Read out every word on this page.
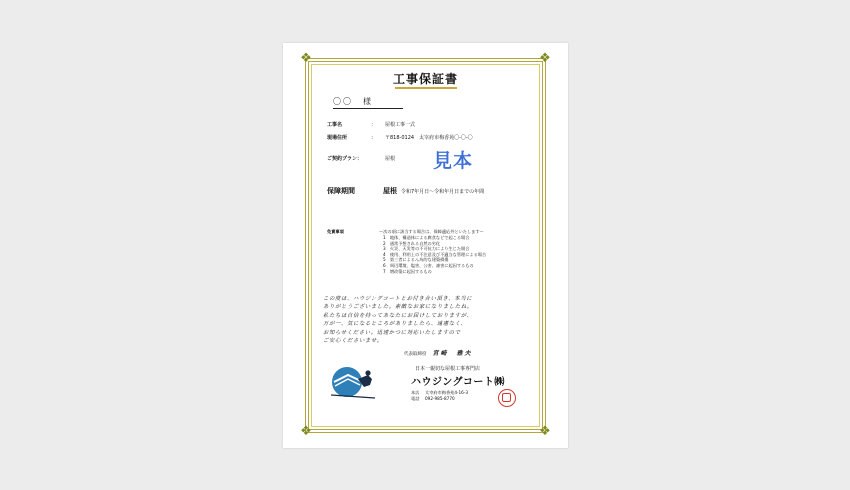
❖	❖
❖	❖
工事保証書
〇〇　様
工事名	： 屋根工事一式
現場住所	： 〒818-0124　太宰府市梅香苑〇-〇-〇
ご契約プラン：	屋根 見本
保障期間	屋根 令和7年月日〜令和年月日までの年間
免責事項	〜次の項に該当する場合は、保障適応外といたします〜
1　地体、構造体による腐食などで起こる場合
2　通常予想される自然の劣化
3　火災、天災等の不可抗力により生じた場合
4　使用、利用上の不注意及び不適当な管理による場合
5　第三者によるん為的な建築損傷
6　周辺環境、塩害、公害、凍害に起因するもの
7　増改築に起因するもの
この度は、ハウジングコートとお付き合い頂き、本当に
ありがとうございました。素敵なお家になりましたね。
私たちは自信を持ってあなたにお届けしておりますが、
万が一、気になるところがありましたら、遠慮なく、
お知らせください。迅速かつに対応いたしますので
ご安心くださいませ。
代表取締役 宮崎　雅夫
日本一親切な屋根工事専門店
ハウジングコート㈱
本店 太宰府市梅香苑4-16-3
電話 092-985-8770
